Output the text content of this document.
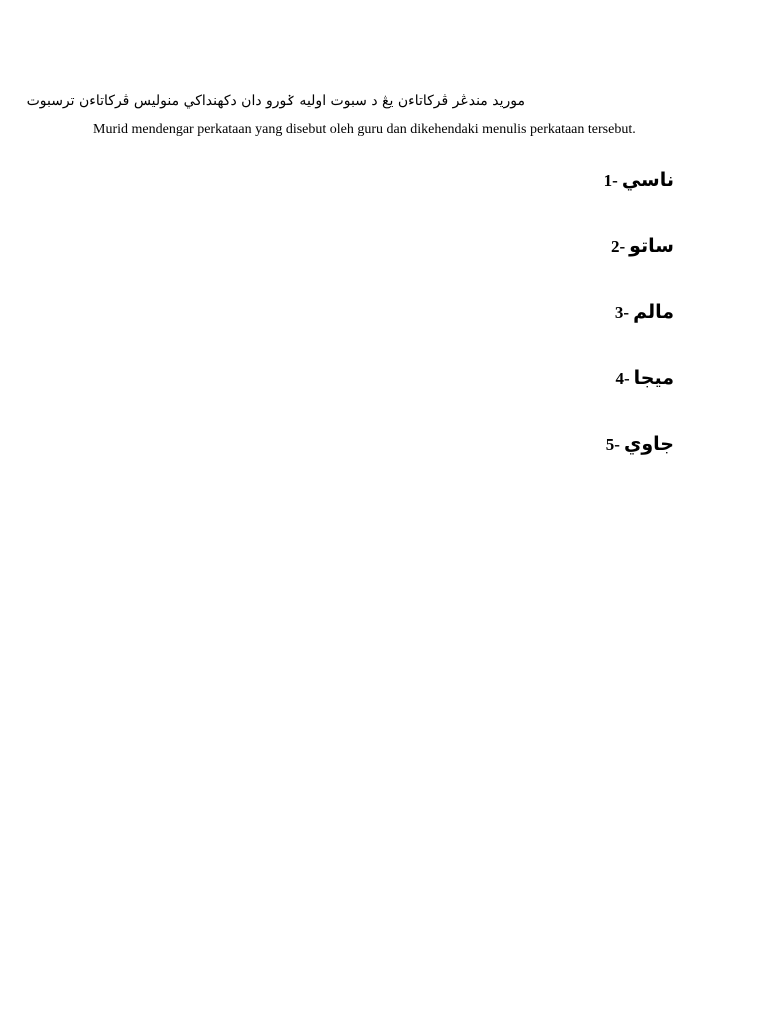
موريد مندڠر ڤركاتاءن يڠ د سبوت اوليه ݢورو دان دكهنداكي منوليس ڤركاتاءن ترسبوت
Murid mendengar perkataan yang disebut oleh guru dan dikehendaki menulis perkataan tersebut.
1- ناسي
2- ساتو
3- مالم
4- ميجا
5- جاوي
